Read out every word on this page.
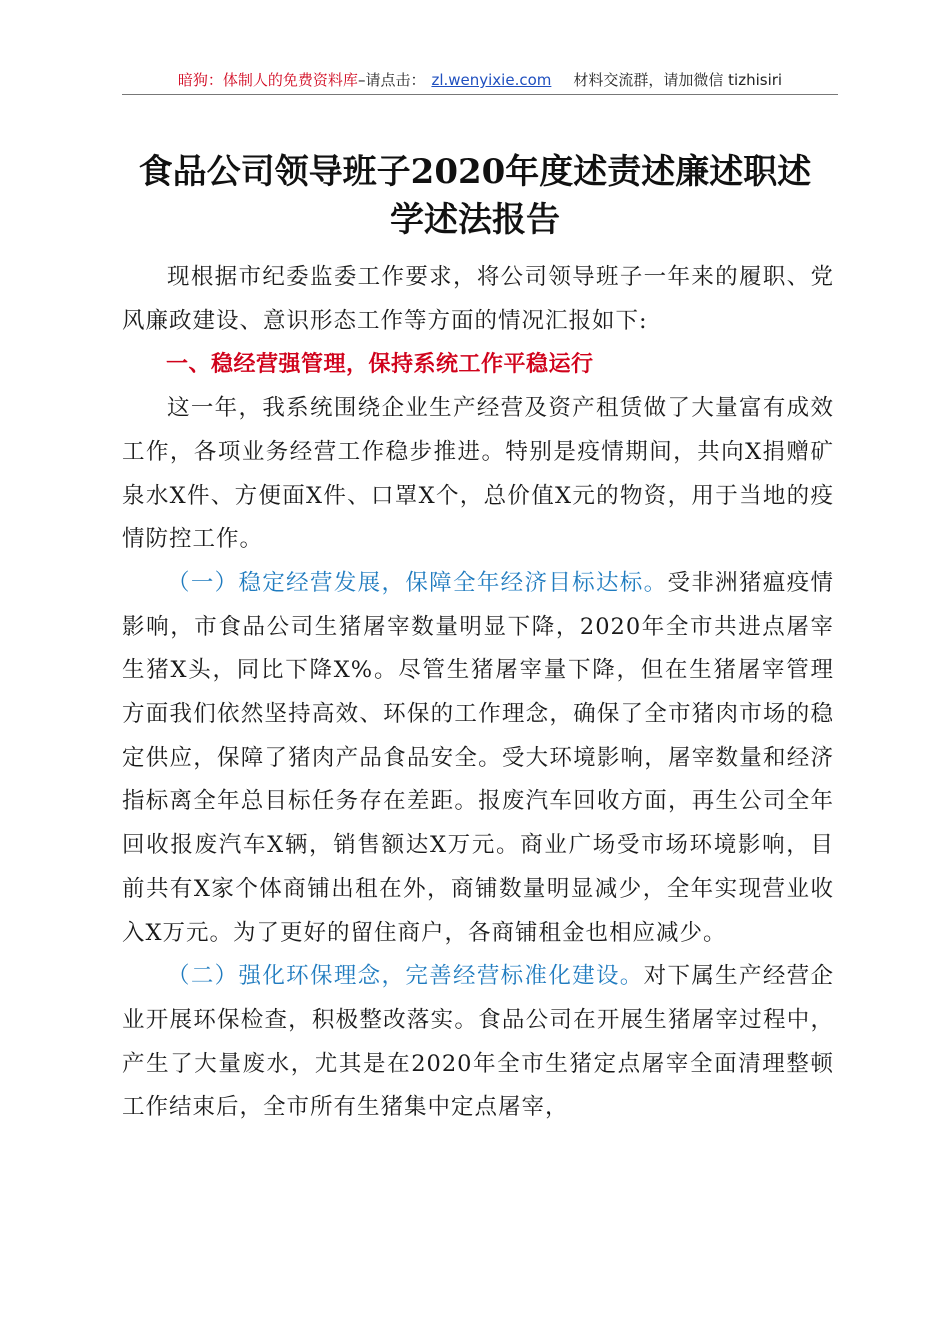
暗狗：体制人的免费资料库–请点击： zl.wenyixie.com 材料交流群，请加微信 tizhisiri
食品公司领导班子2020年度述责述廉述职述
学述法报告

现根据市纪委监委工作要求，将公司领导班子一年来的履职、党风廉政建设、意识形态工作等方面的情况汇报如下:

一、稳经营强管理，保持系统工作平稳运行

这一年，我系统围绕企业生产经营及资产租赁做了大量富有成效工作，各项业务经营工作稳步推进。特别是疫情期间，共向X捐赠矿泉水X件、方便面X件、口罩X个，总价值X元的物资，用于当地的疫情防控工作。

（一）稳定经营发展，保障全年经济目标达标。受非洲猪瘟疫情影响，市食品公司生猪屠宰数量明显下降，2020年全市共进点屠宰生猪X头，同比下降X%。尽管生猪屠宰量下降，但在生猪屠宰管理方面我们依然坚持高效、环保的工作理念，确保了全市猪肉市场的稳定供应，保障了猪肉产品食品安全。受大环境影响，屠宰数量和经济指标离全年总目标任务存在差距。报废汽车回收方面，再生公司全年回收报废汽车X辆，销售额达X万元。商业广场受市场环境影响，目前共有X家个体商铺出租在外，商铺数量明显减少，全年实现营业收入X万元。为了更好的留住商户，各商铺租金也相应减少。

（二）强化环保理念，完善经营标准化建设。对下属生产经营企业开展环保检查，积极整改落实。食品公司在开展生猪屠宰过程中，产生了大量废水，尤其是在2020年全市生猪定点屠宰全面清理整顿工作结束后，全市所有生猪集中定点屠宰，
